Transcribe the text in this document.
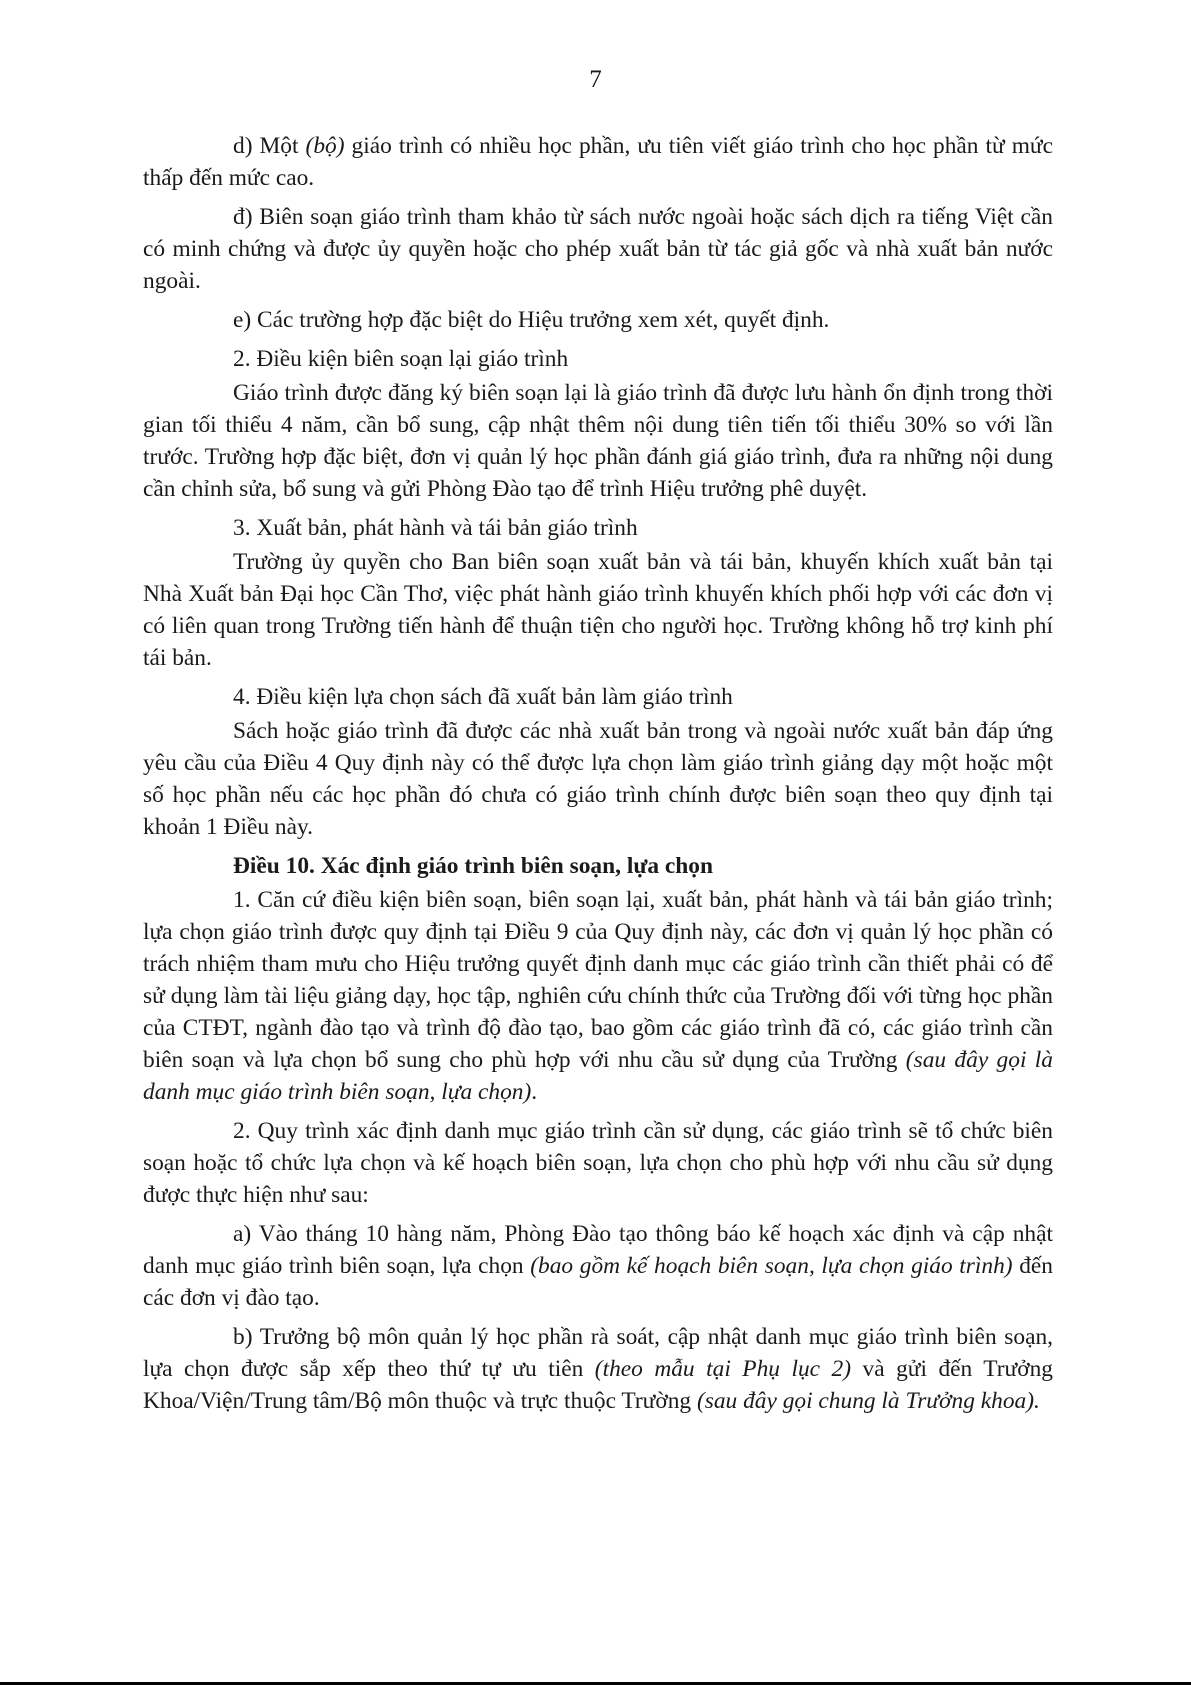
7

d) Một (bộ) giáo trình có nhiều học phần, ưu tiên viết giáo trình cho học phần từ mức thấp đến mức cao.

đ) Biên soạn giáo trình tham khảo từ sách nước ngoài hoặc sách dịch ra tiếng Việt cần có minh chứng và được ủy quyền hoặc cho phép xuất bản từ tác giả gốc và nhà xuất bản nước ngoài.

e) Các trường hợp đặc biệt do Hiệu trưởng xem xét, quyết định.

2. Điều kiện biên soạn lại giáo trình

Giáo trình được đăng ký biên soạn lại là giáo trình đã được lưu hành ổn định trong thời gian tối thiểu 4 năm, cần bổ sung, cập nhật thêm nội dung tiên tiến tối thiểu 30% so với lần trước. Trường hợp đặc biệt, đơn vị quản lý học phần đánh giá giáo trình, đưa ra những nội dung cần chỉnh sửa, bổ sung và gửi Phòng Đào tạo để trình Hiệu trưởng phê duyệt.

3. Xuất bản, phát hành và tái bản giáo trình

Trường ủy quyền cho Ban biên soạn xuất bản và tái bản, khuyến khích xuất bản tại Nhà Xuất bản Đại học Cần Thơ, việc phát hành giáo trình khuyến khích phối hợp với các đơn vị có liên quan trong Trường tiến hành để thuận tiện cho người học. Trường không hỗ trợ kinh phí tái bản.

4. Điều kiện lựa chọn sách đã xuất bản làm giáo trình

Sách hoặc giáo trình đã được các nhà xuất bản trong và ngoài nước xuất bản đáp ứng yêu cầu của Điều 4 Quy định này có thể được lựa chọn làm giáo trình giảng dạy một hoặc một số học phần nếu các học phần đó chưa có giáo trình chính được biên soạn theo quy định tại khoản 1 Điều này.

Điều 10. Xác định giáo trình biên soạn, lựa chọn

1. Căn cứ điều kiện biên soạn, biên soạn lại, xuất bản, phát hành và tái bản giáo trình; lựa chọn giáo trình được quy định tại Điều 9 của Quy định này, các đơn vị quản lý học phần có trách nhiệm tham mưu cho Hiệu trưởng quyết định danh mục các giáo trình cần thiết phải có để sử dụng làm tài liệu giảng dạy, học tập, nghiên cứu chính thức của Trường đối với từng học phần của CTĐT, ngành đào tạo và trình độ đào tạo, bao gồm các giáo trình đã có, các giáo trình cần biên soạn và lựa chọn bổ sung cho phù hợp với nhu cầu sử dụng của Trường (sau đây gọi là danh mục giáo trình biên soạn, lựa chọn).

2. Quy trình xác định danh mục giáo trình cần sử dụng, các giáo trình sẽ tổ chức biên soạn hoặc tổ chức lựa chọn và kế hoạch biên soạn, lựa chọn cho phù hợp với nhu cầu sử dụng được thực hiện như sau:

a) Vào tháng 10 hàng năm, Phòng Đào tạo thông báo kế hoạch xác định và cập nhật danh mục giáo trình biên soạn, lựa chọn (bao gồm kế hoạch biên soạn, lựa chọn giáo trình) đến các đơn vị đào tạo.

b) Trưởng bộ môn quản lý học phần rà soát, cập nhật danh mục giáo trình biên soạn, lựa chọn được sắp xếp theo thứ tự ưu tiên (theo mẫu tại Phụ lục 2) và gửi đến Trưởng Khoa/Viện/Trung tâm/Bộ môn thuộc và trực thuộc Trường (sau đây gọi chung là Trưởng khoa).
